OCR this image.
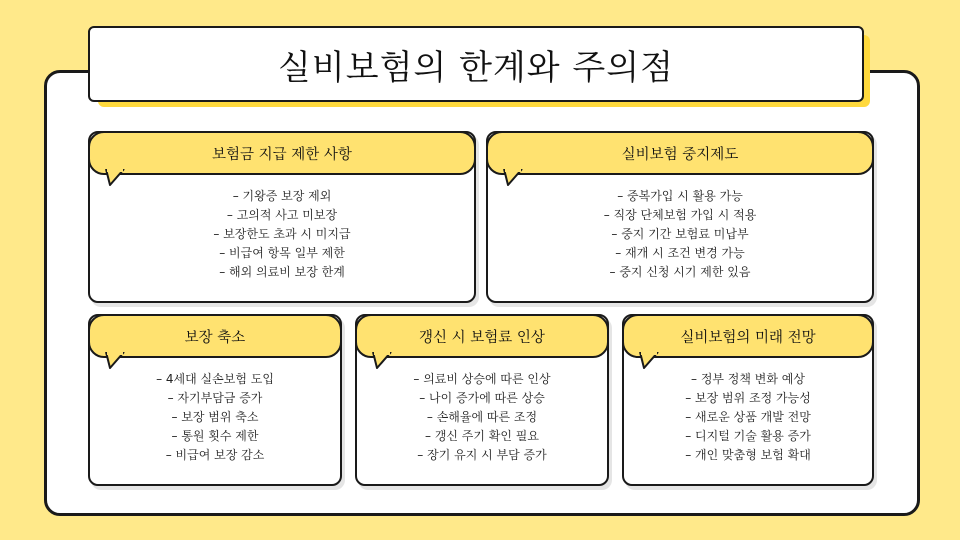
실비보험의 한계와 주의점
보험금 지급 제한 사항
– 기왕증 보장 제외
– 고의적 사고 미보장
– 보장한도 초과 시 미지급
– 비급여 항목 일부 제한
– 해외 의료비 보장 한계
실비보험 중지제도
– 중복가입 시 활용 가능
– 직장 단체보험 가입 시 적용
– 중지 기간 보험료 미납부
– 재개 시 조건 변경 가능
– 중지 신청 시기 제한 있음
보장 축소
– 4세대 실손보험 도입
– 자기부담금 증가
– 보장 범위 축소
– 통원 횟수 제한
– 비급여 보장 감소
갱신 시 보험료 인상
– 의료비 상승에 따른 인상
– 나이 증가에 따른 상승
– 손해율에 따른 조정
– 갱신 주기 확인 필요
– 장기 유지 시 부담 증가
실비보험의 미래 전망
– 정부 정책 변화 예상
– 보장 범위 조정 가능성
– 새로운 상품 개발 전망
– 디지털 기술 활용 증가
– 개인 맞춤형 보험 확대
